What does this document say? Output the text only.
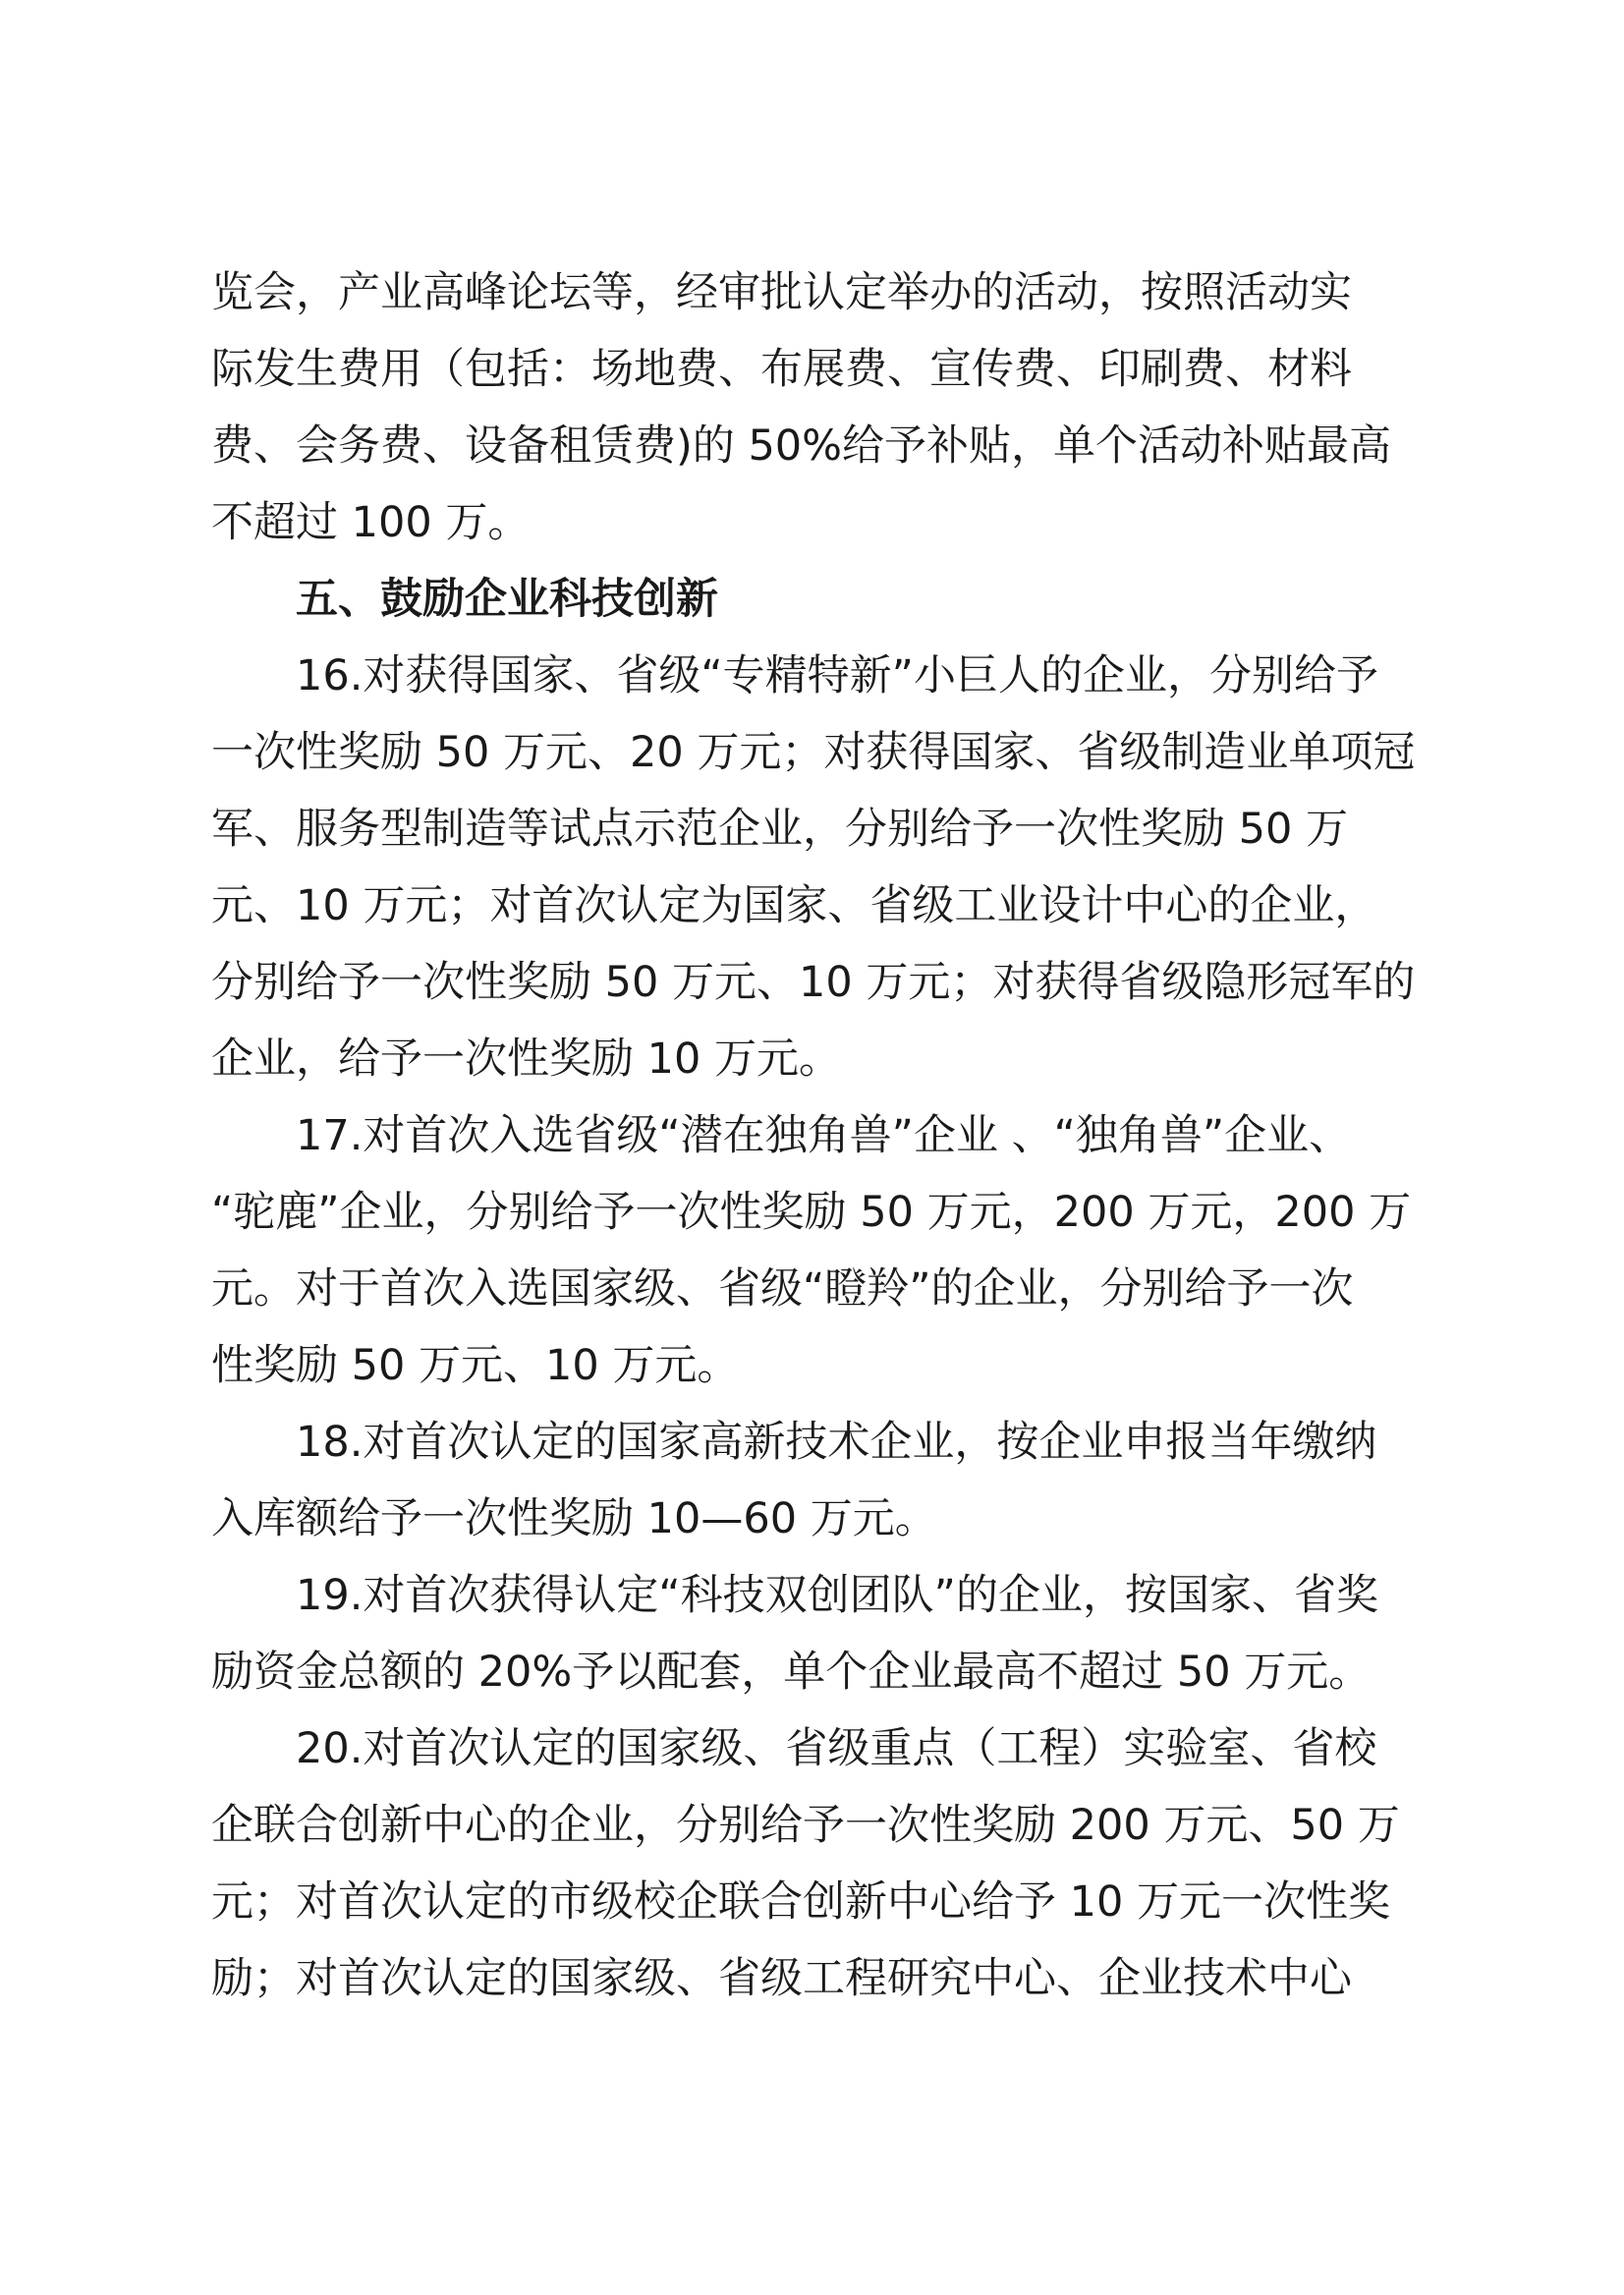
览会，产业高峰论坛等，经审批认定举办的活动，按照活动实
际发生费用（包括：场地费、布展费、宣传费、印刷费、材料
费、会务费、设备租赁费)的 50%给予补贴，单个活动补贴最高
不超过 100 万。
五、鼓励企业科技创新
16.对获得国家、省级“专精特新”小巨人的企业，分别给予
一次性奖励 50 万元、20 万元；对获得国家、省级制造业单项冠
军、服务型制造等试点示范企业，分别给予一次性奖励 50 万
元、10 万元；对首次认定为国家、省级工业设计中心的企业，
分别给予一次性奖励 50 万元、10 万元；对获得省级隐形冠军的
企业，给予一次性奖励 10 万元。
17.对首次入选省级“潜在独角兽”企业 、“独角兽”企业、
“驼鹿”企业，分别给予一次性奖励 50 万元，200 万元，200 万
元。对于首次入选国家级、省级“瞪羚”的企业，分别给予一次
性奖励 50 万元、10 万元。
18.对首次认定的国家高新技术企业，按企业申报当年缴纳
入库额给予一次性奖励 10—60 万元。
19.对首次获得认定“科技双创团队”的企业，按国家、省奖
励资金总额的 20%予以配套，单个企业最高不超过 50 万元。
20.对首次认定的国家级、省级重点（工程）实验室、省校
企联合创新中心的企业，分别给予一次性奖励 200 万元、50 万
元；对首次认定的市级校企联合创新中心给予 10 万元一次性奖
励；对首次认定的国家级、省级工程研究中心、企业技术中心
